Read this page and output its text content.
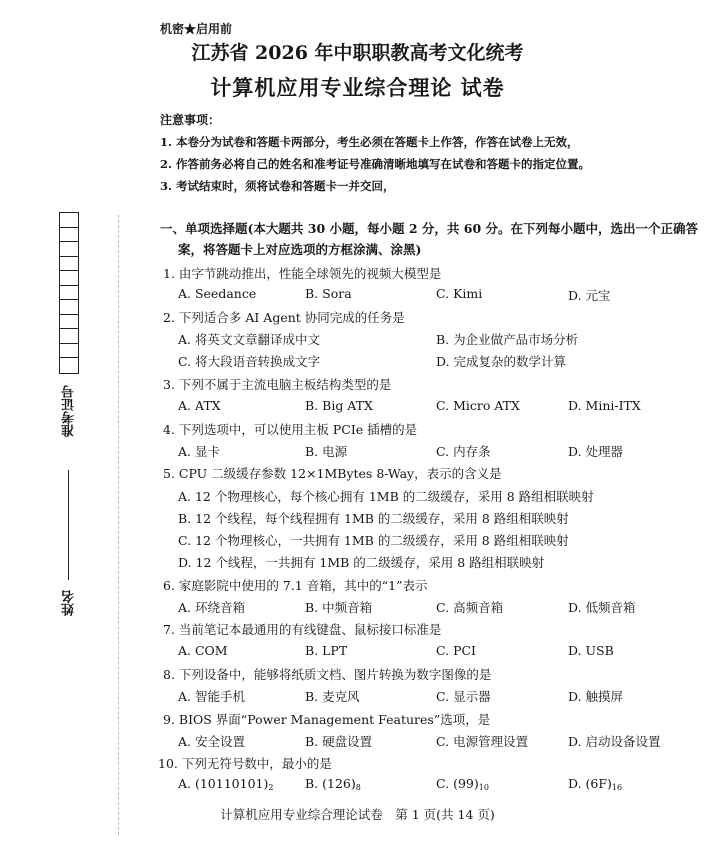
机密★启用前
江苏省 2026 年中职职教高考文化统考
计算机应用专业综合理论 试卷
注意事项：
1. 本卷分为试卷和答题卡两部分，考生必须在答题卡上作答，作答在试卷上无效，
2. 作答前务必将自己的姓名和准考证号准确清晰地填写在试卷和答题卡的指定位置。
3. 考试结束时，须将试卷和答题卡一并交回，
准考证号
姓名
一、单项选择题(本大题共 30 小题，每小题 2 分，共 60 分。在下列每小题中，选出一个正确答
案，将答题卡上对应选项的方框涂满、涂黑)
1. 由字节跳动推出，性能全球领先的视频大模型是
A. Seedance	B. Sora	C. Kimi	D. 元宝
2. 下列适合多 AI Agent 协同完成的任务是
A. 将英文文章翻译成中文	B. 为企业做产品市场分析
C. 将大段语音转换成文字	D. 完成复杂的数学计算
3. 下列不属于主流电脑主板结构类型的是
A. ATX	B. Big ATX	C. Micro ATX	D. Mini-ITX
4. 下列选项中，可以使用主板 PCIe 插槽的是
A. 显卡	B. 电源	C. 内存条	D. 处理器
5. CPU 二级缓存参数 12×1MBytes 8-Way，表示的含义是
A. 12 个物理核心，每个核心拥有 1MB 的二级缓存，采用 8 路组相联映射
B. 12 个线程，每个线程拥有 1MB 的二级缓存，采用 8 路组相联映射
C. 12 个物理核心，一共拥有 1MB 的二级缓存，采用 8 路组相联映射
D. 12 个线程，一共拥有 1MB 的二级缓存，采用 8 路组相联映射
6. 家庭影院中使用的 7.1 音箱，其中的“1”表示
A. 环绕音箱	B. 中频音箱	C. 高频音箱	D. 低频音箱
7. 当前笔记本最通用的有线键盘、鼠标接口标准是
A. COM	B. LPT	C. PCI	D. USB
8. 下列设备中，能够将纸质文档、图片转换为数字图像的是
A. 智能手机	B. 麦克风	C. 显示器	D. 触摸屏
9. BIOS 界面“Power Management Features”选项，是
A. 安全设置	B. 硬盘设置	C. 电源管理设置	D. 启动设备设置
10. 下列无符号数中，最小的是
A. $(10110101)_2$	B. $(126)_8$	C. $(99)_{10}$	D. $(6F)_{16}$
计算机应用专业综合理论试卷　第 1 页(共 14 页)
